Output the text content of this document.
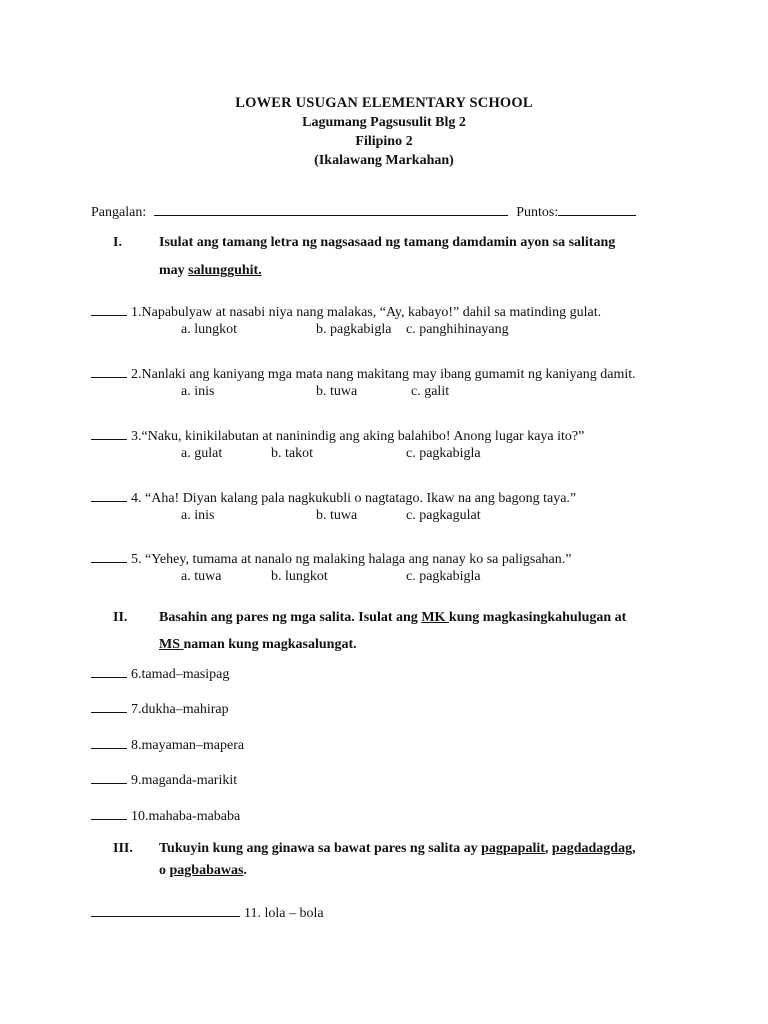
LOWER USUGAN ELEMENTARY SCHOOL
Lagumang Pagsusulit Blg 2
Filipino 2
(Ikalawang Markahan)
Pangalan:	Puntos:
I.	Isulat ang tamang letra ng nagsasaad ng tamang damdamin ayon sa salitang
may salungguhit.
1.Napabulyaw at nasabi niya nang malakas, “Ay, kabayo!” dahil sa matinding gulat.
a. lungkot	b. pagkabigla c. panghihinayang
2.Nanlaki ang kaniyang mga mata nang makitang may ibang gumamit ng kaniyang damit.
a. inis	b. tuwa	c. galit
3.“Naku, kinikilabutan at naninindig ang aking balahibo! Anong lugar kaya ito?”
a. gulat	b. takot	c. pagkabigla
4. “Aha! Diyan kalang pala nagkukubli o nagtatago. Ikaw na ang bagong taya.”
a. inis	b. tuwa	c. pagkagulat
5. “Yehey, tumama at nanalo ng malaking halaga ang nanay ko sa paligsahan.”
a. tuwa	b. lungkot	c. pagkabigla
II. Basahin ang pares ng mga salita. Isulat ang MK kung magkasingkahulugan at
MS naman kung magkasalungat.
6.tamad–masipag
7.dukha–mahirap
8.mayaman–mapera
9.maganda-marikit
10.mahaba-mababa
III. Tukuyin kung ang ginawa sa bawat pares ng salita ay pagpapalit, pagdadagdag,
o pagbabawas.
11. lola – bola
